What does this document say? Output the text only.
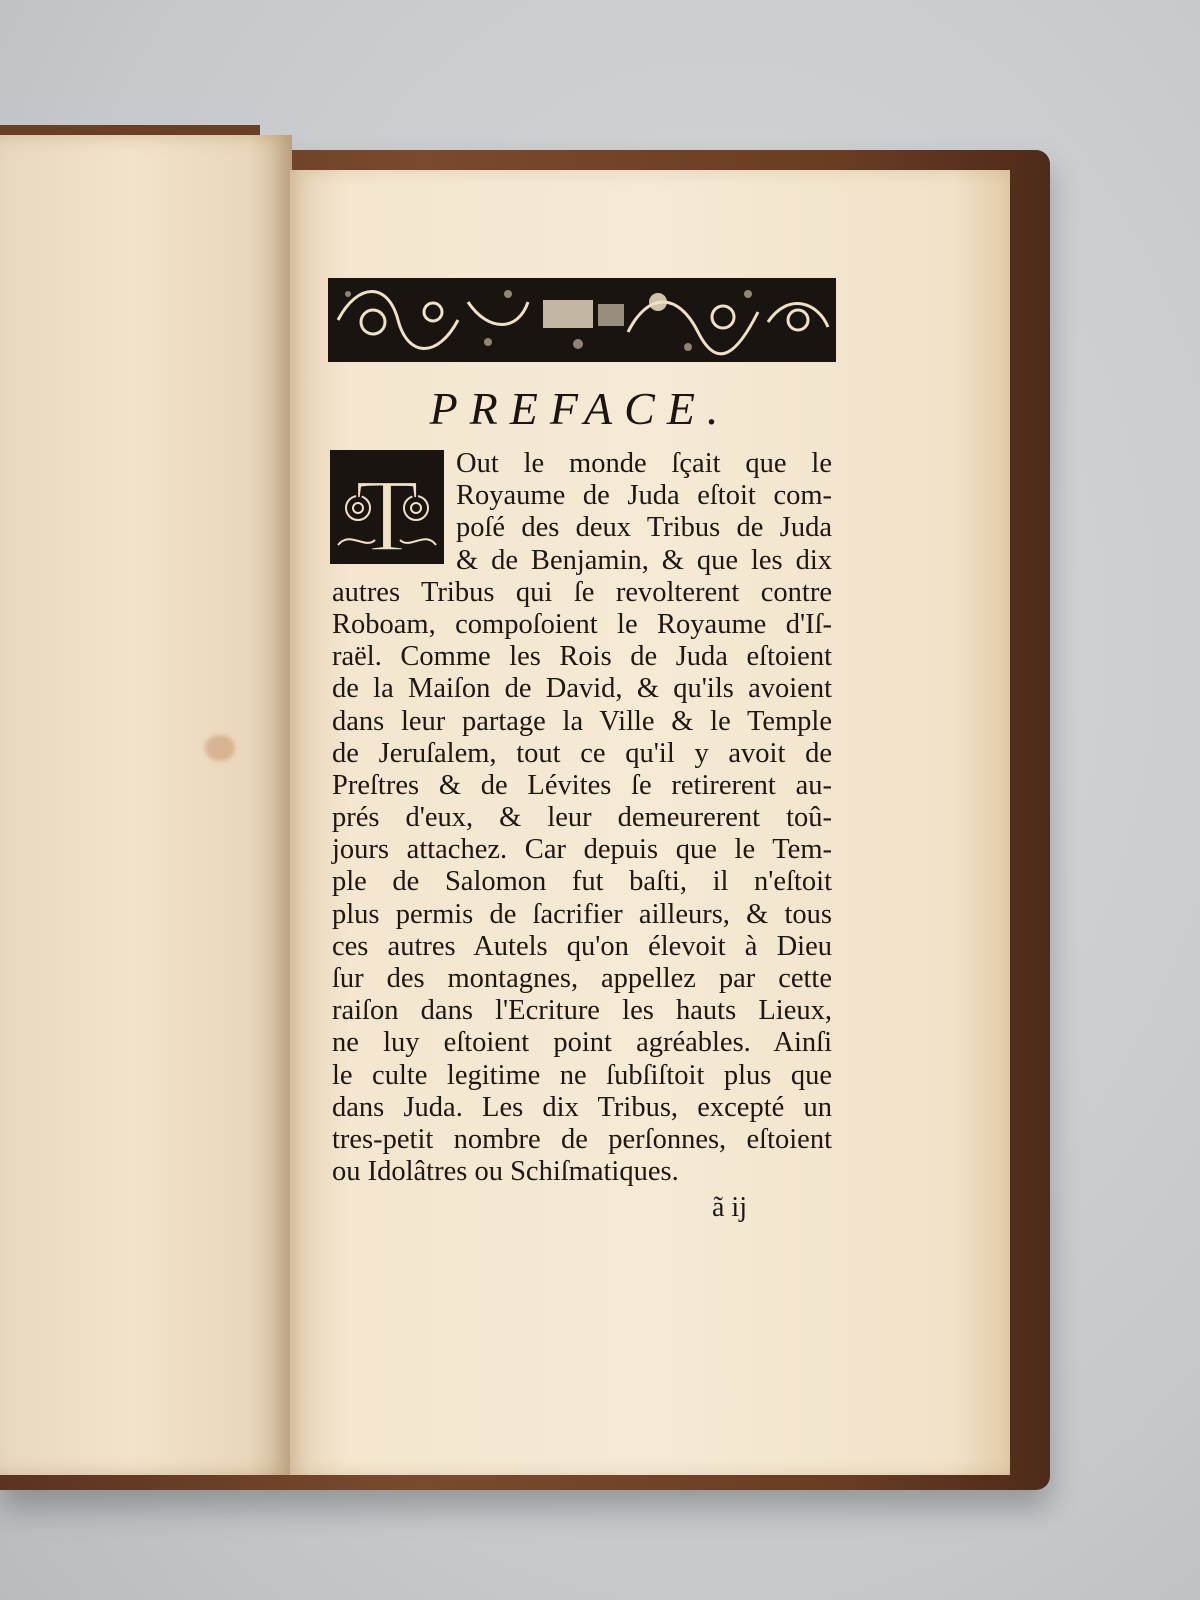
PREFACE.
T Out le monde ſçait que le
Royaume de Juda eſtoit com-
poſé des deux Tribus de Juda
& de Benjamin, & que les dix
autres Tribus qui ſe revolterent contre
Roboam, compoſoient le Royaume d'Iſ-
raël. Comme les Rois de Juda eſtoient
de la Maiſon de David, & qu'ils avoient
dans leur partage la Ville & le Temple
de Jeruſalem, tout ce qu'il y avoit de
Preſtres & de Lévites ſe retirerent au-
prés d'eux, & leur demeurerent toû-
jours attachez. Car depuis que le Tem-
ple de Salomon fut baſti, il n'eſtoit
plus permis de ſacrifier ailleurs, & tous
ces autres Autels qu'on élevoit à Dieu
ſur des montagnes, appellez par cette
raiſon dans l'Ecriture les hauts Lieux,
ne luy eſtoient point agréables. Ainſi
le culte legitime ne ſubſiſtoit plus que
dans Juda. Les dix Tribus, excepté un
tres-petit nombre de perſonnes, eſtoient
ou Idolâtres ou Schiſmatiques.
ã ij
